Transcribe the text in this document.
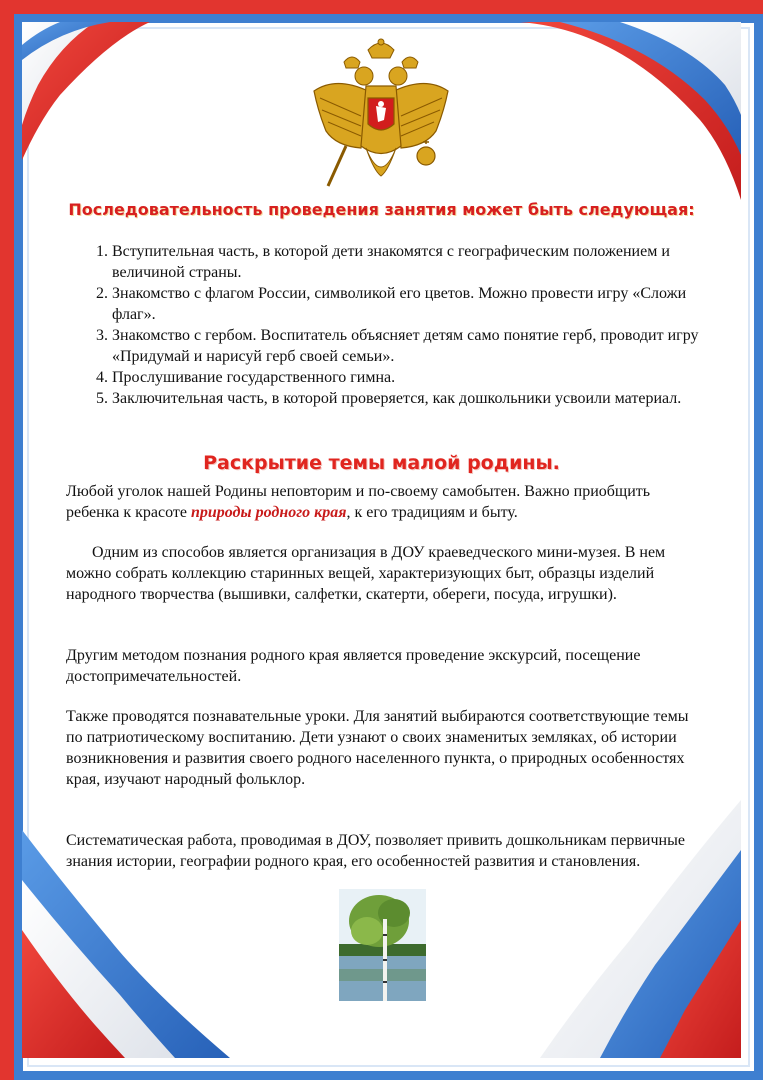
Последовательность проведения занятия может быть следующая:
1. Вступительная часть, в которой дети знакомятся с географическим положением и величиной страны.
2. Знакомство с флагом России, символикой его цветов. Можно провести игру «Сложи флаг».
3. Знакомство с гербом. Воспитатель объясняет детям само понятие герб, проводит игру «Придумай и нарисуй герб своей семьи».
4. Прослушивание государственного гимна.
5. Заключительная часть, в которой проверяется, как дошкольники усвоили материал.
Раскрытие темы малой родины.

Любой уголок нашей Родины неповторим и по-своему самобытен. Важно приобщить ребенка к красоте природы родного края, к его традициям и быту.

Одним из способов является организация в ДОУ краеведческого мини-музея. В нем можно собрать коллекцию старинных вещей, характеризующих быт, образцы изделий народного творчества (вышивки, салфетки, скатерти, обереги, посуда, игрушки).

Другим методом познания родного края является проведение экскурсий, посещение достопримечательностей.

Также проводятся познавательные уроки. Для занятий выбираются соответствующие темы по патриотическому воспитанию. Дети узнают о своих знаменитых земляках, об истории возникновения и развития своего родного населенного пункта, о природных особенностях края, изучают народный фольклор.

Систематическая работа, проводимая в ДОУ, позволяет привить дошкольникам первичные знания истории, географии родного края, его особенностей развития и становления.
